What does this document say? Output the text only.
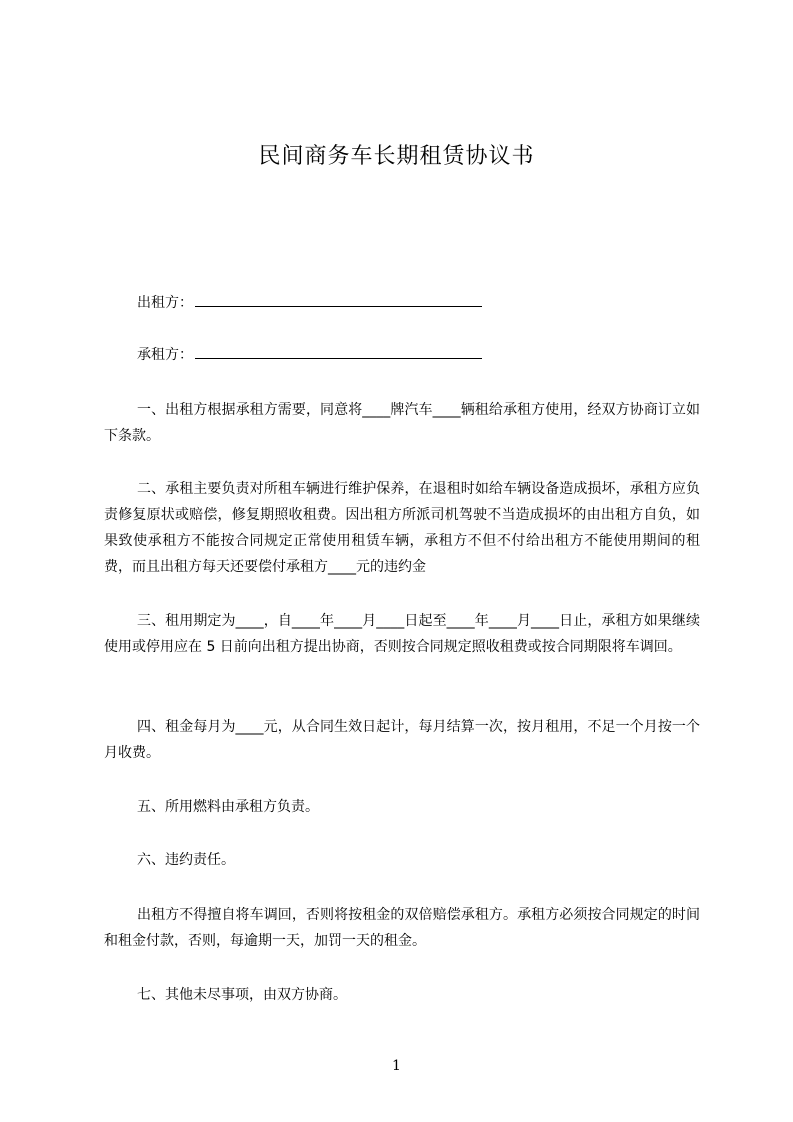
民间商务车长期租赁协议书
出租方：
承租方：

一、出租方根据承租方需要，同意将____牌汽车____辆租给承租方使用，经双方协商订立如下条款。

二、承租主要负责对所租车辆进行维护保养，在退租时如给车辆设备造成损坏，承租方应负责修复原状或赔偿，修复期照收租费。因出租方所派司机驾驶不当造成损坏的由出租方自负，如果致使承租方不能按合同规定正常使用租赁车辆，承租方不但不付给出租方不能使用期间的租费，而且出租方每天还要偿付承租方____元的违约金

三、租用期定为____，自____年____月____日起至____年____月____日止，承租方如果继续使用或停用应在 5 日前向出租方提出协商，否则按合同规定照收租费或按合同期限将车调回。

四、租金每月为____元，从合同生效日起计，每月结算一次，按月租用，不足一个月按一个月收费。

五、所用燃料由承租方负责。
六、违约责任。

出租方不得擅自将车调回，否则将按租金的双倍赔偿承租方。承租方必须按合同规定的时间和租金付款，否则，每逾期一天，加罚一天的租金。

七、其他未尽事项，由双方协商。
1
